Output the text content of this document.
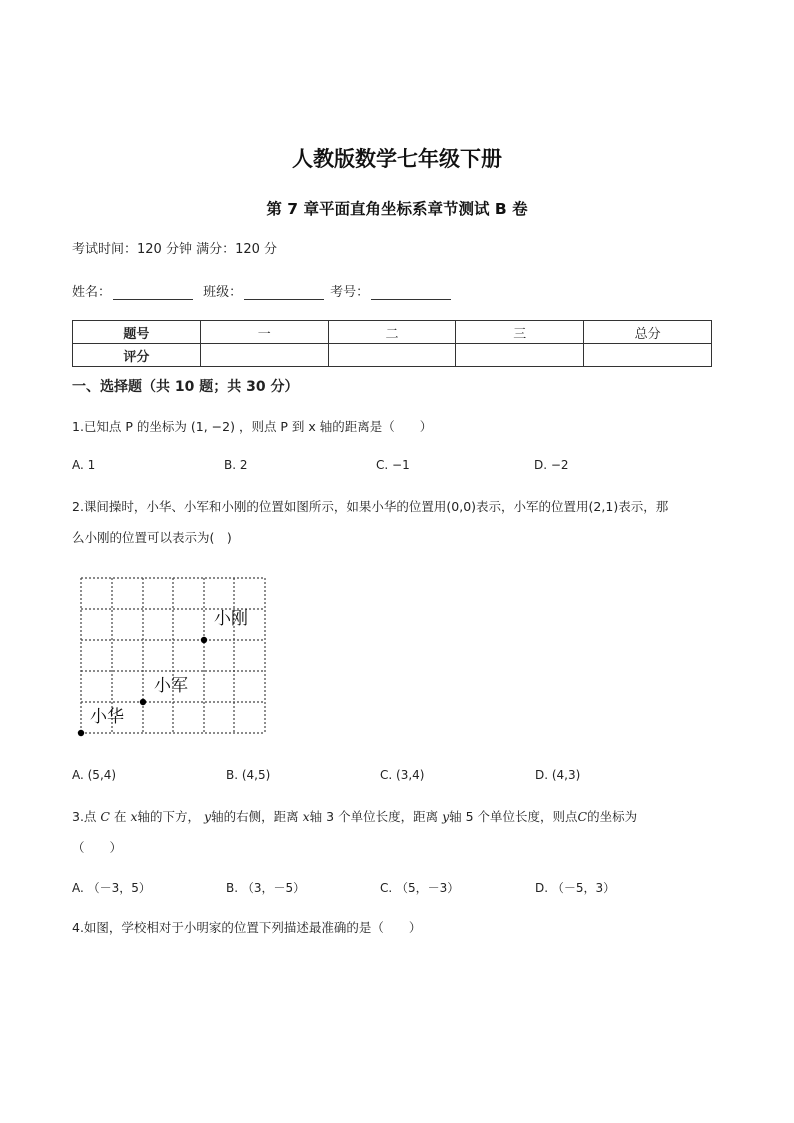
人教版数学七年级下册
第 7 章平面直角坐标系章节测试 B 卷
考试时间：120 分钟 满分：120 分
姓名：	班级：	考号：
题号	一	二	三	总分
评分				
一、选择题（共 10 题；共 30 分）
1.已知点 P 的坐标为 (1, −2) ，则点 P 到 x 轴的距离是（　　）
A. 1	B. 2	C. −1	D. −2
2.课间操时，小华、小军和小刚的位置如图所示，如果小华的位置用(0,0)表示，小军的位置用(2,1)表示，那
么小刚的位置可以表示为(　)
小华
小军
小刚
A. (5,4)	B. (4,5)	C. (3,4)	D. (4,3)
3.点 C 在 x轴的下方， y轴的右侧，距离 x轴 3 个单位长度，距离 y轴 5 个单位长度，则点C的坐标为
（　　）
A. （－3，5）	B. （3，－5）	C. （5，－3）	D. （－5，3）
4.如图，学校相对于小明家的位置下列描述最准确的是（　　）
